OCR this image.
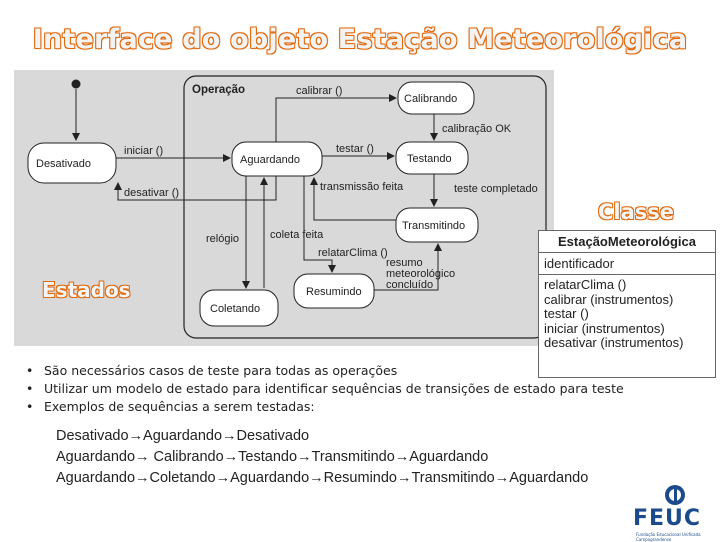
Interface do objeto Estação Meteorológica
Operação
Desativado	Aguardando
Calibrando
Testando
Transmitindo
Resumindo
Coletando
iniciar ()
desativar ()
calibrar ()
calibração OK
testar ()
teste completado
transmissão feita
relógio	coleta feita
relatarClima ()
resumo
meteorológico
concluído
Classe
Estados
EstaçãoMeteorológica
identificador
relatarClima ()
calibrar (instrumentos)
testar ()
iniciar (instrumentos)
desativar (instrumentos)
• São necessários casos de teste para todas as operações
• Utilizar um modelo de estado para identificar sequências de transições de estado para teste
• Exemplos de sequências a serem testadas:
Desativado→Aguardando→Desativado
Aguardando→ Calibrando→Testando→Transmitindo→Aguardando
Aguardando→Coletando→Aguardando→Resumindo→Transmitindo→Aguardando
FEUC
Fundação Educacional Unificada Campograndense
